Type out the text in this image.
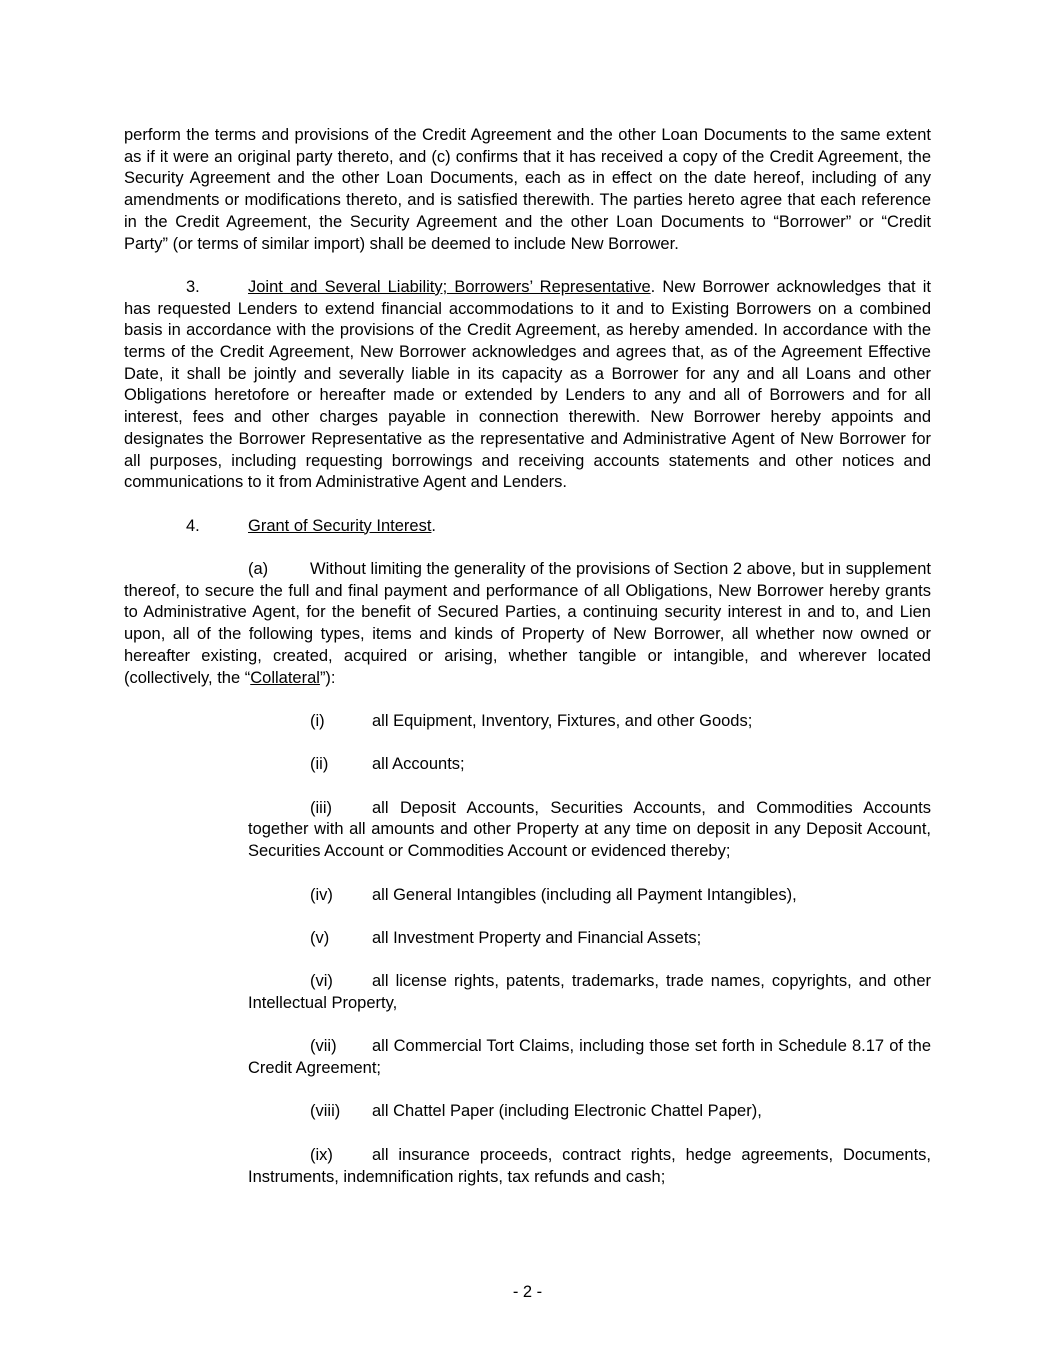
perform the terms and provisions of the Credit Agreement and the other Loan Documents to the same extent as if it were an original party thereto, and (c) confirms that it has received a copy of the Credit Agreement, the Security Agreement and the other Loan Documents, each as in effect on the date hereof, including of any amendments or modifications thereto, and is satisfied therewith. The parties hereto agree that each reference in the Credit Agreement, the Security Agreement and the other Loan Documents to “Borrower” or “Credit Party” (or terms of similar import) shall be deemed to include New Borrower.

3.	Joint and Several Liability; Borrowers’ Representative. New Borrower acknowledges that it has requested Lenders to extend financial accommodations to it and to Existing Borrowers on a combined basis in accordance with the provisions of the Credit Agreement, as hereby amended. In accordance with the terms of the Credit Agreement, New Borrower acknowledges and agrees that, as of the Agreement Effective Date, it shall be jointly and severally liable in its capacity as a Borrower for any and all Loans and other Obligations heretofore or hereafter made or extended by Lenders to any and all of Borrowers and for all interest, fees and other charges payable in connection therewith. New Borrower hereby appoints and designates the Borrower Representative as the representative and Administrative Agent of New Borrower for all purposes, including requesting borrowings and receiving accounts statements and other notices and communications to it from Administrative Agent and Lenders.

4.	Grant of Security Interest.

(a)	Without limiting the generality of the provisions of Section 2 above, but in supplement thereof, to secure the full and final payment and performance of all Obligations, New Borrower hereby grants to Administrative Agent, for the benefit of Secured Parties, a continuing security interest in and to, and Lien upon, all of the following types, items and kinds of Property of New Borrower, all whether now owned or hereafter existing, created, acquired or arising, whether tangible or intangible, and wherever located (collectively, the “Collateral”):

(i)	all Equipment, Inventory, Fixtures, and other Goods;

(ii)	all Accounts;

(iii) all Deposit Accounts, Securities Accounts, and Commodities Accounts together with all amounts and other Property at any time on deposit in any Deposit Account, Securities Account or Commodities Account or evidenced thereby;

(iv) all General Intangibles (including all Payment Intangibles),

(v)	all Investment Property and Financial Assets;

(vi) all license rights, patents, trademarks, trade names, copyrights, and other Intellectual Property,

(vii) all Commercial Tort Claims, including those set forth in Schedule 8.17 of the Credit Agreement;

(viii) all Chattel Paper (including Electronic Chattel Paper),

(ix) all insurance proceeds, contract rights, hedge agreements, Documents, Instruments, indemnification rights, tax refunds and cash;

- 2 -
